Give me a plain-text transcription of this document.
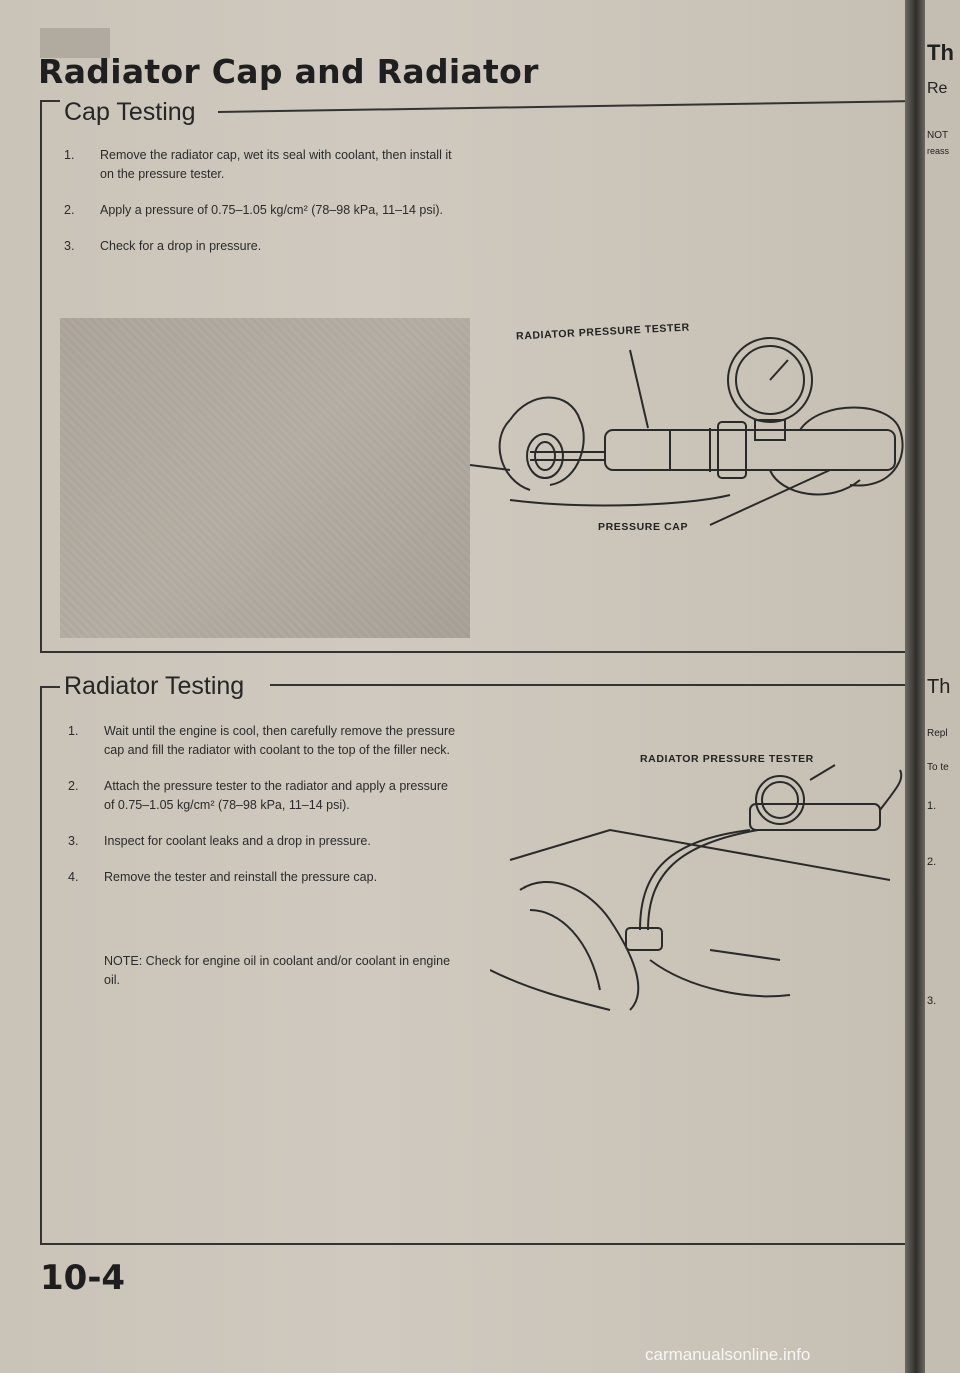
Radiator Cap and Radiator
Cap Testing
1. Remove the radiator cap, wet its seal with coolant, then install it on the pressure tester.
2. Apply a pressure of 0.75–1.05 kg/cm² (78–98 kPa, 11–14 psi).
3. Check for a drop in pressure.

RADIATOR PRESSURE TESTER

PRESSURE CAP

Radiator Testing
1. Wait until the engine is cool, then carefully remove the pressure cap and fill the radiator with coolant to the top of the filler neck.
2. Attach the pressure tester to the radiator and apply a pressure of 0.75–1.05 kg/cm² (78–98 kPa, 11–14 psi).
3. Inspect for coolant leaks and a drop in pressure.
4. Remove the tester and reinstall the pressure cap.

NOTE: Check for engine oil in coolant and/or coolant in engine oil.

RADIATOR PRESSURE TESTER

10-4

Th

Re

NOT

reass

Th

Repl

To te

1.

2.

3.

carmanualsonline.info
